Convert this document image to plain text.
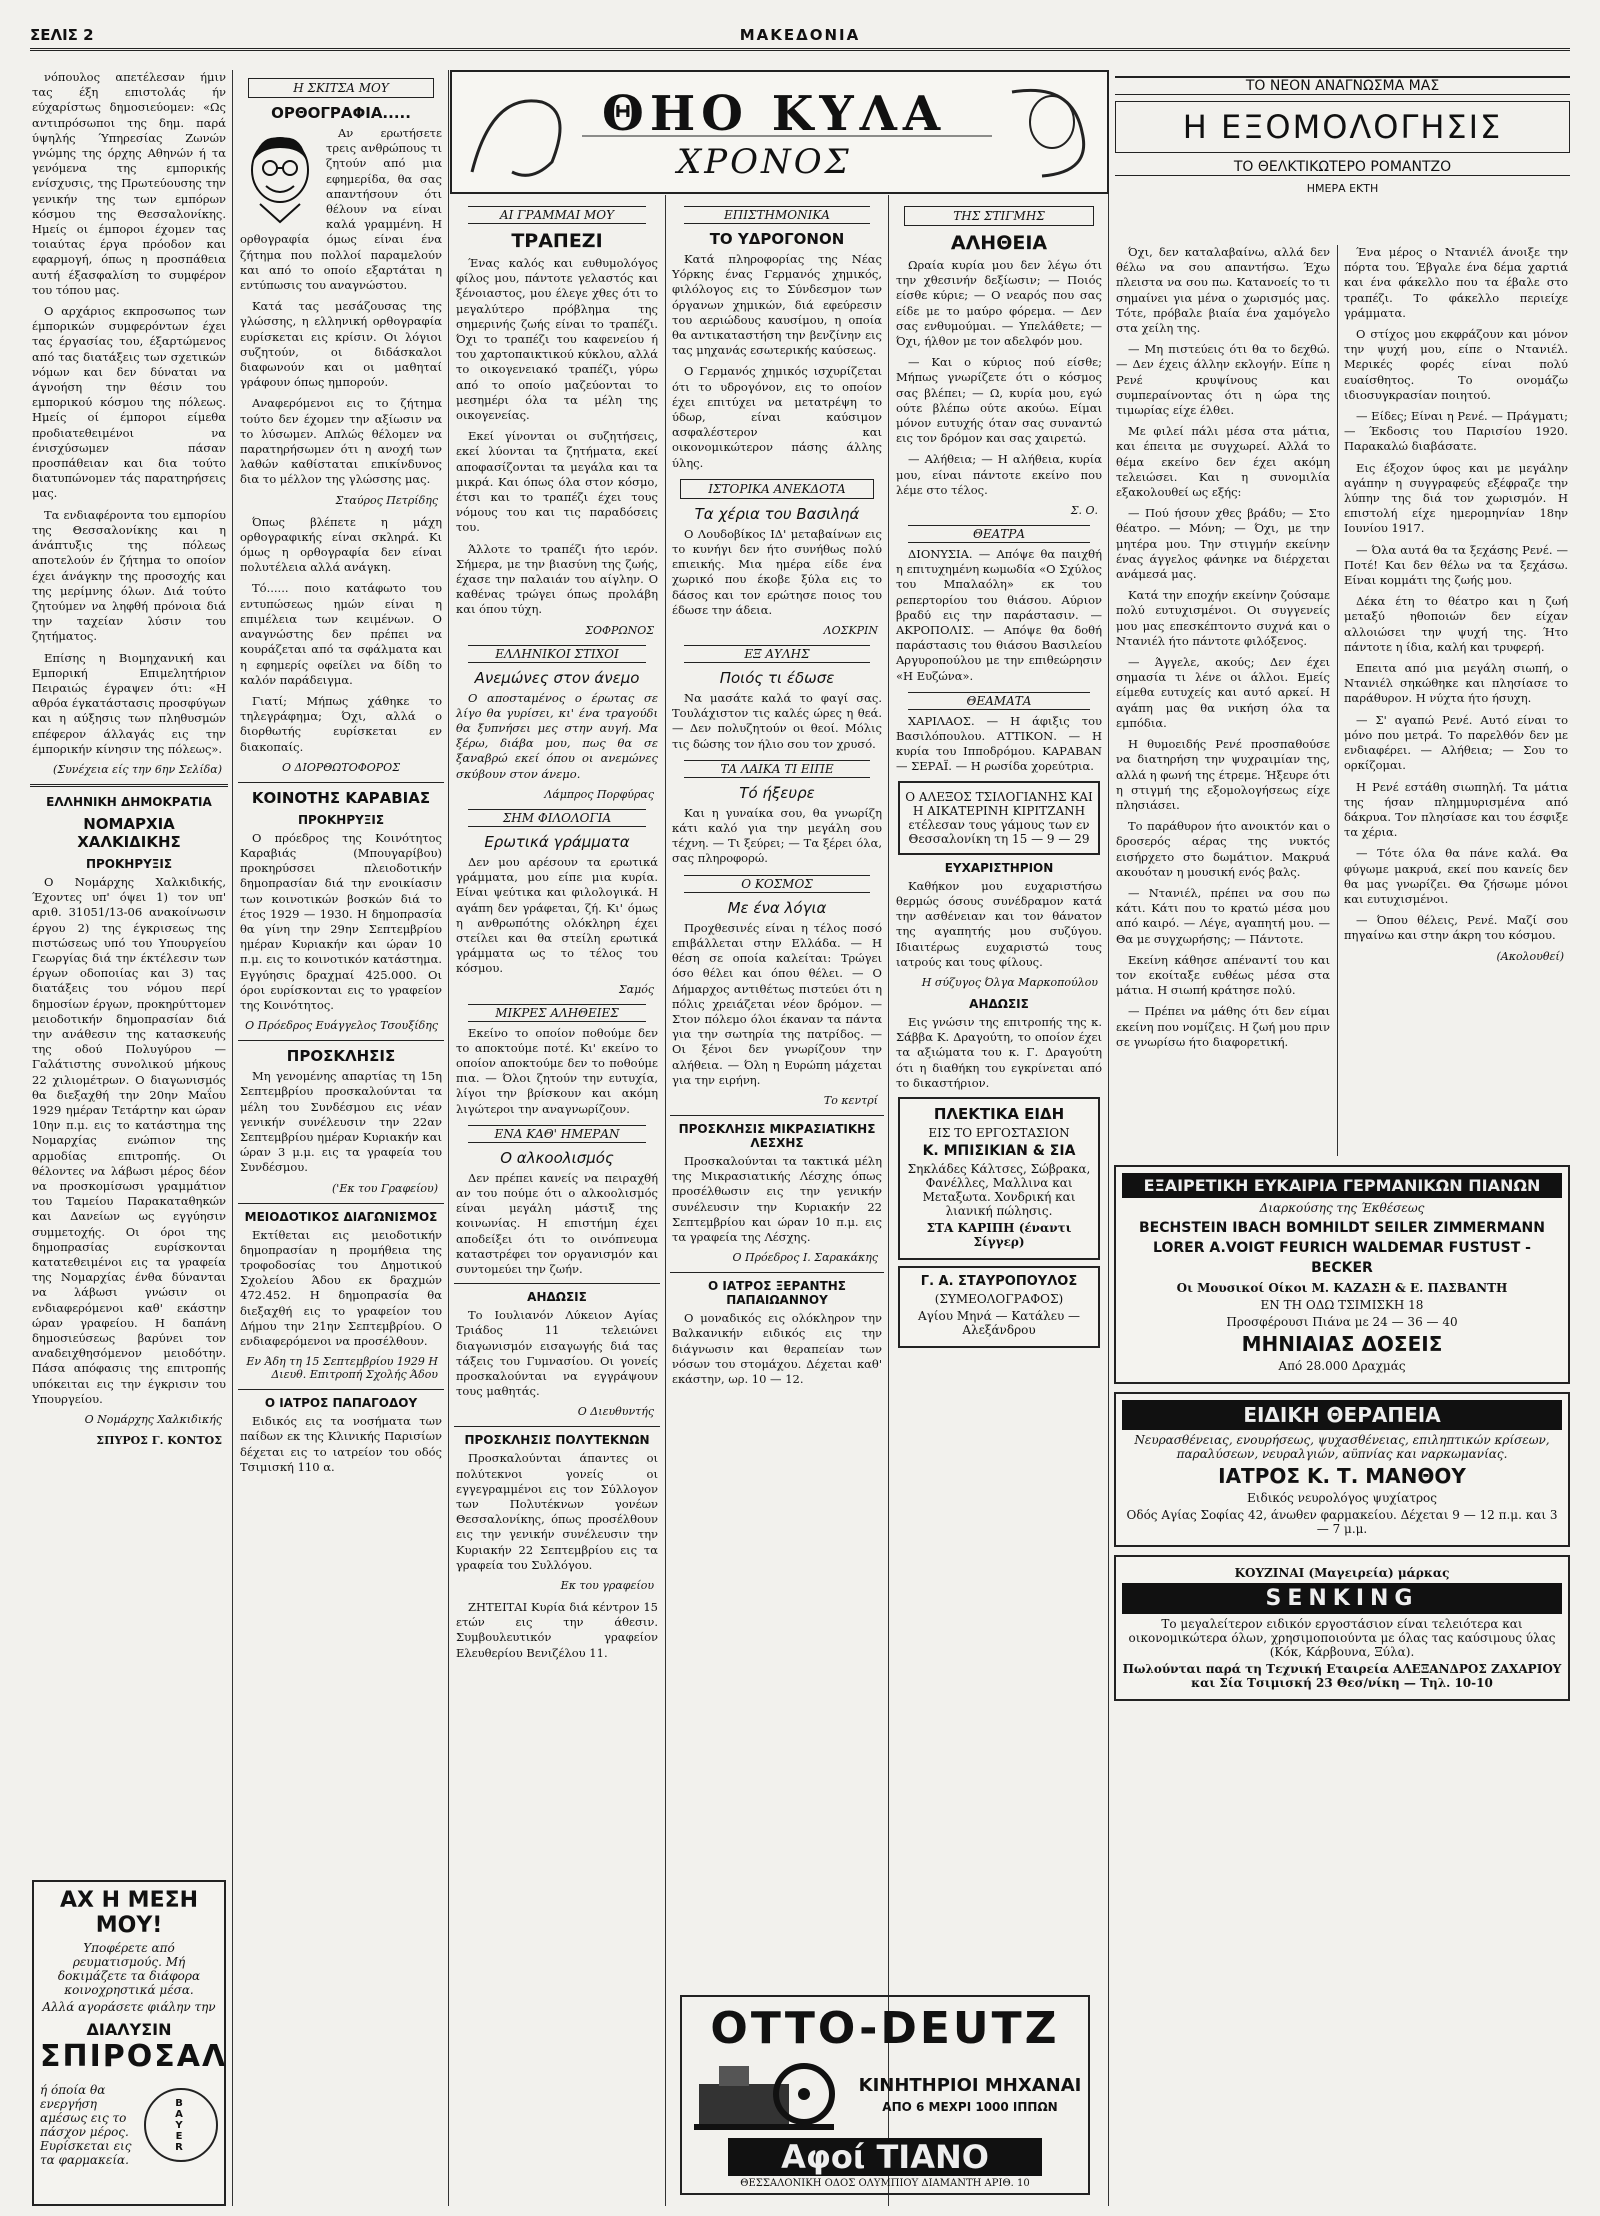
ΣΕΛΙΣ 2	ΜΑΚΕΔΟΝΙΑ

νόπουλος απετέλεσαν ήμιν τας έξη επιστολάς ήν εύχαρίστως δημοσιεύομεν: «Ως αντιπρόσωποι της δημ. παρά ύψηλής Ύπηρεσίας Ζωνών γνώμης της όρχης Αθηνών ή τα γενόμενα της εμπορικής ενίσχυσις, της Πρωτεύουσης την γενικήν της των εμπόρων κόσμου της Θεσσαλονίκης. Ημείς οι έμποροι έχομεν τας τοιαύτας έργα πρόοδον και εφαρμογή, όπως η προσπάθεια αυτή έξασφαλίση το συμφέρον του τόπου μας.

Ο αρχάριος εκπροσωπος των έμπορικών συμφερόντων έχει τας έργασίας του, έξαρτώμενος από τας διατάξεις των σχετικών νόμων και δεν δύναται να άγνοήση την θέσιν του εμπορικού κόσμου της πόλεως. Ημείς οί έμποροι είμεθα προδιατεθειμένοι να ένισχύσωμεν πάσαν προσπάθειαν και δια τούτο διατυπώνομεν τάς παρατηρήσεις μας.

Τα ενδιαφέροντα του εμπορίου της Θεσσαλονίκης και η άνάπτυξις της πόλεως αποτελούν έν ζήτημα το οποίον έχει άνάγκην της προσοχής και της μερίμνης όλων. Διά τούτο ζητούμεν να ληφθή πρόνοια διά την ταχείαν λύσιν του ζητήματος.

Επίσης η Βιομηχανική και Εμπορική Επιμελητήριον Πειραιώς έγραψεν ότι: «Η αθρόα έγκατάστασις προσφύγων και η αύξησις των πληθυσμών επέφερον άλλαγάς εις την έμπορικήν κίνησιν της πόλεως».

(Συνέχεια είς την 6ην Σελίδα)
ΕΛΛΗΝΙΚΗ ΔΗΜΟΚΡΑΤΙΑ
ΝΟΜΑΡΧΙΑ ΧΑΛΚΙΔΙΚΗΣ
ΠΡΟΚΗΡΥΞΙΣ

Ο Νομάρχης Χαλκιδικής, Έχοντες υπ' όψει 1) τον υπ' αριθ. 31051/13-06 ανακοίνωσιν έργου 2) της έγκρισεως της πιστώσεως υπό του Υπουργείου Γεωργίας διά την έκτέλεσιν των έργων οδοποιίας και 3) τας διατάξεις του νόμου περί δημοσίων έργων, προκηρύττομεν μειοδοτικήν δημοπρασίαν διά την ανάθεσιν της κατασκευής της οδού Πολυγύρου — Γαλάτιστης συνολικού μήκους 22 χιλιομέτρων. Ο διαγωνισμός θα διεξαχθή την 20ην Μαΐου 1929 ημέραν Τετάρτην και ώραν 10ην π.μ. εις το κατάστημα της Νομαρχίας ενώπιον της αρμοδίας επιτροπής. Οι θέλοντες να λάβωσι μέρος δέον να προσκομίσωσι γραμμάτιον του Ταμείου Παρακαταθηκών και Δανείων ως εγγύησιν συμμετοχής. Οι όροι της δημοπρασίας ευρίσκονται κατατεθειμένοι εις τα γραφεία της Νομαρχίας ένθα δύνανται να λάβωσι γνώσιν οι ενδιαφερόμενοι καθ' εκάστην ώραν γραφείου. Η δαπάνη δημοσιεύσεως βαρύνει τον αναδειχθησόμενον μειοδότην. Πάσα απόφασις της επιτροπής υπόκειται εις την έγκρισιν του Υπουργείου.

Ο Νομάρχης Χαλκιδικής
ΣΠΥΡΟΣ Γ. ΚΟΝΤΟΣ
ΑΧ Η ΜΕΣΗ ΜΟΥ!
Υποφέρετε από ρευματισμούς. Μή δοκιμάζετε τα διάφορα κοινοχρηστικά μέσα.
Αλλά αγοράσετε φιάλην την
ΔΙΑΛΥΣΙΝ
ΣΠΙΡΟΣΑΛ
ή όποία θα ενεργήση αμέσως εις το πάσχον μέρος. Ευρίσκεται εις τα φαρμακεία.
B
A
Y
E
R
Η ΣΚΙΤΣΑ ΜΟΥ
ΟΡΘΟΓΡΑΦΙΑ.....

Αν ερωτήσετε τρεις ανθρώπους τι ζητούν από μια εφημερίδα, θα σας απαντήσουν ότι θέλουν να είναι καλά γραμμένη. Η ορθογραφία όμως είναι ένα ζήτημα που πολλοί παραμελούν και από το οποίο εξαρτάται η εντύπωσις του αναγνώστου.

Κατά τας μεσάζουσας της γλώσσης, η ελληνική ορθογραφία ευρίσκεται εις κρίσιν. Οι λόγιοι συζητούν, οι διδάσκαλοι διαφωνούν και οι μαθηταί γράφουν όπως ημπορούν.

Αναφερόμενοι εις το ζήτημα τούτο δεν έχομεν την αξίωσιν να το λύσωμεν. Απλώς θέλομεν να παρατηρήσωμεν ότι η ανοχή των λαθών καθίσταται επικίνδυνος δια το μέλλον της γλώσσης μας.

Σταύρος Πετρίδης

Όπως βλέπετε η μάχη ορθογραφικής είναι σκληρά. Κι όμως η ορθογραφία δεν είναι πολυτέλεια αλλά ανάγκη.

Τό...... ποιο κατάφωτο του εντυπώσεως ημών είναι η επιμέλεια των κειμένων. Ο αναγνώστης δεν πρέπει να κουράζεται από τα σφάλματα και η εφημερίς οφείλει να δίδη το καλόν παράδειγμα.

Γιατί; Μήπως χάθηκε το τηλεγράφημα; Όχι, αλλά ο διορθωτής ευρίσκεται εν διακοπαίς.

Ο ΔΙΟΡΘΩΤΟΦΟΡΟΣ
ΚΟΙΝΟΤΗΣ ΚΑΡΑΒΙΑΣ
ΠΡΟΚΗΡΥΞΙΣ

Ο πρόεδρος της Κοινότητος Καραβιάς (Μπουγαρίβου) προκηρύσσει πλειοδοτικήν δημοπρασίαν διά την ενοικίασιν των κοινοτικών βοσκών διά το έτος 1929 — 1930. Η δημοπρασία θα γίνη την 29ην Σεπτεμβρίου ημέραν Κυριακήν και ώραν 10 π.μ. εις το κοινοτικόν κατάστημα. Εγγύησις δραχμαί 425.000. Οι όροι ευρίσκονται εις το γραφείον της Κοινότητος.

Ο Πρόεδρος Ευάγγελος Τσουξίδης
ΠΡΟΣΚΛΗΣΙΣ

Μη γενομένης απαρτίας τη 15η Σεπτεμβρίου προσκαλούνται τα μέλη του Συνδέσμου εις νέαν γενικήν συνέλευσιν την 22αν Σεπτεμβρίου ημέραν Κυριακήν και ώραν 3 μ.μ. εις τα γραφεία του Συνδέσμου.

('Εκ του Γραφείου)
ΜΕΙΟΔΟΤΙΚΟΣ ΔΙΑΓΩΝΙΣΜΟΣ

Εκτίθεται εις μειοδοτικήν δημοπρασίαν η προμήθεια της τροφοδοσίας του Δημοτικού Σχολείου Άδου εκ δραχμών 472.452. Η δημοπρασία θα διεξαχθή εις το γραφείον του Δήμου την 21ην Σεπτεμβρίου. Ο ενδιαφερόμενοι να προσέλθουν.

Εν Άδη τη 15 Σεπτεμβρίου 1929 Η Διευθ. Επιτροπή Σχολής Άδου
Ο ΙΑΤΡΟΣ ΠΑΠΑΓΟΔΟΥ

Ειδικός εις τα νοσήματα των παίδων εκ της Κλινικής Παρισίων δέχεται εις το ιατρείον του οδός Τσιμισκή 110 α.

ΘΗΟ ΚΥΛΑ
ΧΡΟΝΟΣ
ΑΙ ΓΡΑΜΜΑΙ ΜΟΥ
ΤΡΑΠΕΖΙ

Ένας καλός και ευθυμολόγος φίλος μου, πάντοτε γελαστός και ξένοιαστος, μου έλεγε χθες ότι το μεγαλύτερο πρόβλημα της σημερινής ζωής είναι το τραπέζι. Όχι το τραπέζι του καφενείου ή του χαρτοπαικτικού κύκλου, αλλά το οικογενειακό τραπέζι, γύρω από το οποίο μαζεύονται το μεσημέρι όλα τα μέλη της οικογενείας.

Εκεί γίνονται οι συζητήσεις, εκεί λύονται τα ζητήματα, εκεί αποφασίζονται τα μεγάλα και τα μικρά. Και όπως όλα στον κόσμο, έτσι και το τραπέζι έχει τους νόμους του και τις παραδόσεις του.

Άλλοτε το τραπέζι ήτο ιερόν. Σήμερα, με την βιασύνη της ζωής, έχασε την παλαιάν του αίγλην. Ο καθένας τρώγει όπως προλάβη και όπου τύχη.

ΣΟΦΡΩΝΟΣ
ΕΛΛΗΝΙΚΟΙ ΣΤΙΧΟΙ
Ανεμώνες στον άνεμο

Ο αποσταμένος ο έρωτας σε λίγο θα γυρίσει, κι' ένα τραγούδι θα ξυπνήσει μες στην αυγή. Μα ξέρω, διάβα μου, πως θα σε ξαναβρώ εκεί όπου οι ανεμώνες σκύβουν στον άνεμο.

Λάμπρος Πορφύρας
ΣΗΜ ΦΙΛΟΛΟΓΙΑ
Ερωτικά γράμματα

Δεν μου αρέσουν τα ερωτικά γράμματα, μου είπε μια κυρία. Είναι ψεύτικα και φιλολογικά. Η αγάπη δεν γράφεται, ζή. Κι' όμως η ανθρωπότης ολόκληρη έχει στείλει και θα στείλη ερωτικά γράμματα ως το τέλος του κόσμου.

Σαμός
ΜΙΚΡΕΣ ΑΛΗΘΕΙΕΣ

Εκείνο το οποίον ποθούμε δεν το αποκτούμε ποτέ. Κι' εκείνο το οποίον αποκτούμε δεν το ποθούμε πια. — Όλοι ζητούν την ευτυχία, λίγοι την βρίσκουν και ακόμη λιγώτεροι την αναγνωρίζουν.

ΕΝΑ ΚΑΘ' ΗΜΕΡΑΝ
Ο αλκοολισμός

Δεν πρέπει κανείς να πειραχθή αν του πούμε ότι ο αλκοολισμός είναι μεγάλη μάστιξ της κοινωνίας. Η επιστήμη έχει αποδείξει ότι το οινόπνευμα καταστρέφει τον οργανισμόν και συντομεύει την ζωήν.

ΑΗΔΩΣΙΣ

Το Ιουλιανόν Λύκειον Αγίας Τριάδος 11 τελειώνει διαγωνισμόν εισαγωγής διά τας τάξεις του Γυμνασίου. Οι γονείς προσκαλούνται να εγγράψουν τους μαθητάς.

Ο Διευθυντής
ΠΡΟΣΚΛΗΣΙΣ ΠΟΛΥΤΕΚΝΩΝ

Προσκαλούνται άπαντες οι πολύτεκνοι γονείς οι εγγεγραμμένοι εις τον Σύλλογον των Πολυτέκνων γονέων Θεσσαλονίκης, όπως προσέλθουν εις την γενικήν συνέλευσιν την Κυριακήν 22 Σεπτεμβρίου εις τα γραφεία του Συλλόγου.

Εκ του γραφείου

ΖΗΤΕΙΤΑΙ Κυρία διά κέντρον 15 ετών εις την άθεσιν. Συμβουλευτικόν γραφείον Ελευθερίου Βενιζέλου 11.

ΕΠΙΣΤΗΜΟΝΙΚΑ
ΤΟ ΥΔΡΟΓΟΝΟΝ

Κατά πληροφορίας της Νέας Υόρκης ένας Γερμανός χημικός, φιλόλογος εις το Σύνδεσμον των όργανων χημικών, διά εφεύρεσιν του αεριώδους καυσίμου, η οποία θα αντικαταστήση την βενζίνην εις τας μηχανάς εσωτερικής καύσεως.

Ο Γερμανός χημικός ισχυρίζεται ότι το υδρογόνον, εις το οποίον έχει επιτύχει να μετατρέψη το ύδωρ, είναι καύσιμον ασφαλέστερον και οικονομικώτερον πάσης άλλης ύλης.

ΙΣΤΟΡΙΚΑ ΑΝΕΚΔΟΤΑ
Τα χέρια του Βασιληά

Ο Λουδοβίκος ΙΔ' μεταβαίνων εις το κυνήγι δεν ήτο συνήθως πολύ επιεικής. Μια ημέρα είδε ένα χωρικό που έκοβε ξύλα εις το δάσος και τον ερώτησε ποιος του έδωσε την άδεια.

ΛΟΣΚΡΙΝ
ΕΞ ΑΥΛΗΣ
Ποιός τι έδωσε

Να μασάτε καλά το φαγί σας. Τουλάχιστον τις καλές ώρες η θεά. — Δεν πολυζητούν οι θεοί. Μόλις τις δώσης τον ήλιο σου τον χρυσό.

ΤΑ ΛΑΙΚΑ ΤΙ ΕΙΠΕ
Τό ήξευρε

Και η γυναίκα σου, θα γνωρίζη κάτι καλό για την μεγάλη σου τέχνη. — Τι ξεύρει; — Τα ξέρει όλα, σας πληροφορώ.

Ο ΚΟΣΜΟΣ
Με ένα λόγια

Προχθεσινές είναι η τέλος ποσό επιβάλλεται στην Ελλάδα. — Η θέση σε οποία καλείται: Τρώγει όσο θέλει και όπου θέλει. — Ο Δήμαρχος αντιθέτως πιστεύει ότι η πόλις χρειάζεται νέον δρόμον. — Στον πόλεμο όλοι έκαναν τα πάντα για την σωτηρία της πατρίδος. — Οι ξένοι δεν γνωρίζουν την αλήθεια. — Όλη η Ευρώπη μάχεται για την ειρήνη.

Το κεντρί
ΠΡΟΣΚΛΗΣΙΣ ΜΙΚΡΑΣΙΑΤΙΚΗΣ ΛΕΣΧΗΣ

Προσκαλούνται τα τακτικά μέλη της Μικρασιατικής Λέσχης όπως προσέλθωσιν εις την γενικήν συνέλευσιν την Κυριακήν 22 Σεπτεμβρίου και ώραν 10 π.μ. εις τα γραφεία της Λέσχης.

Ο Πρόεδρος Ι. Σαρακάκης
Ο ΙΑΤΡΟΣ ΞΕΡΑΝΤΗΣ ΠΑΠΑΙΩΑΝΝΟΥ

Ο μοναδικός εις ολόκληρον την Βαλκανικήν ειδικός εις την διάγνωσιν και θεραπείαν των νόσων του στομάχου. Δέχεται καθ' εκάστην, ωρ. 10 — 12.

OTTO-DEUTZ
ΚΙΝΗΤΗΡΙΟΙ ΜΗΧΑΝΑΙ
ΑΠΟ 6 ΜΕΧΡΙ 1000 ΙΠΠΩΝ
Αφοί ΤΙΑΝΟ
ΘΕΣΣΑΛΟΝΙΚΗ ΟΔΟΣ ΟΛΥΜΠΙΟΥ ΔΙΑΜΑΝΤΗ ΑΡΙΘ. 10
ΤΗΣ ΣΤΙΓΜΗΣ
ΑΛΗΘΕΙΑ

Ωραία κυρία μου δεν λέγω ότι την χθεσινήν δεξίωσιν; — Ποιός είσθε κύριε; — Ο νεαρός που σας είδε με το μαύρο φόρεμα. — Δεν σας ενθυμούμαι. — Υπελάθετε; — Όχι, ήλθον με τον αδελφόν μου.

— Και ο κύριος πού είσθε; Μήπως γνωρίζετε ότι ο κόσμος σας βλέπει; — Ω, κυρία μου, εγώ ούτε βλέπω ούτε ακούω. Είμαι μόνον ευτυχής όταν σας συναντώ εις τον δρόμον και σας χαιρετώ.

— Αλήθεια; — Η αλήθεια, κυρία μου, είναι πάντοτε εκείνο που λέμε στο τέλος.

Σ. Ο.
ΘΕΑΤΡΑ

ΔΙΟΝΥΣΙΑ. — Απόψε θα παιχθή η επιτυχημένη κωμωδία «Ο Σχύλος του Μπαλαόλη» εκ του ρεπερτορίου του θιάσου. Αύριον βραδύ εις την παράστασιν. — ΑΚΡΟΠΟΛΙΣ. — Απόψε θα δοθή παράστασις του θιάσου Βασιλείου Αργυροπούλου με την επιθεώρησιν «Η Ευζώνα».

ΘΕΑΜΑΤΑ

ΧΑΡΙΛΑΟΣ. — Η άφιξις του Βασιλόπουλου. ΑΤΤΙΚΟΝ. — Η κυρία του Ιπποδρόμου. ΚΑΡΑΒΑΝ — ΣΕΡΑΪ. — Η ρωσίδα χορεύτρια.

Ο ΑΛΕΞΟΣ ΤΣΙΛΟΓΙΑΝΗΣ ΚΑΙ Η ΑΙΚΑΤΕΡΙΝΗ ΚΙΡΙΤΖΑΝΗ ετέλεσαν τους γάμους των εν Θεσσαλονίκη τη 15 — 9 — 29
ΕΥΧΑΡΙΣΤΗΡΙΟΝ

Καθήκον μου ευχαριστήσω θερμώς όσους συνέδραμον κατά την ασθένειαν και τον θάνατον της αγαπητής μου συζύγου. Ιδιαιτέρως ευχαριστώ τους ιατρούς και τους φίλους.

Η σύζυγος Όλγα Μαρκοπούλου
ΑΗΔΩΣΙΣ

Εις γνώσιν της επιτροπής της κ. Σάββα Κ. Δραγούτη, το οποίον έχει τα αξιώματα του κ. Γ. Δραγούτη ότι η διαθήκη του εγκρίνεται από το δικαστήριον.

ΠΛΕΚΤΙΚΑ ΕΙΔΗ
ΕΙΣ ΤΟ ΕΡΓΟΣΤΑΣΙΟΝ
Κ. ΜΠΙΣΙΚΙΑΝ & ΣΙΑ
Σηκλάδες Κάλτσες, Σώβρακα, Φανέλλες, Μαλλινα και Μεταξωτα. Χονδρική και λιανική πώλησις.
ΣΤΑ ΚΑΡΙΠΗ (έναντι Σίγγερ)
Γ. Α. ΣΤΑΥΡΟΠΟΥΛΟΣ
(ΣΥΜΕΟΛΟΓΡΑΦΟΣ)
Αγίου Μηνά — Κατάλευ — Αλεξάνδρου
ΤΟ ΝΕΟΝ ΑΝΑΓΝΩΣΜΑ ΜΑΣ
Η ΕΞΟΜΟΛΟΓΗΣΙΣ
ΤΟ ΘΕΛΚΤΙΚΩΤΕΡΟ ΡΟΜΑΝΤΖΟ
ΗΜΕΡΑ ΕΚΤΗ

Όχι, δεν καταλαβαίνω, αλλά δεν θέλω να σου απαντήσω. Έχω πλειστα να σου πω. Κατανοείς το τι σημαίνει για μένα ο χωρισμός μας. Τότε, πρόβαλε βιαία ένα χαμόγελο στα χείλη της.

— Μη πιστεύεις ότι θα το δεχθώ. — Δεν έχεις άλλην εκλογήν. Είπε η Ρενέ κρυψίνους και συμπεραίνοντας ότι η ώρα της τιμωρίας είχε έλθει.

Με φιλεί πάλι μέσα στα μάτια, και έπειτα με συγχωρεί. Αλλά το θέμα εκείνο δεν έχει ακόμη τελειώσει. Και η συνομιλία εξακολουθεί ως εξής:

— Πού ήσουν χθες βράδυ; — Στο θέατρο. — Μόνη; — Όχι, με την μητέρα μου. Την στιγμήν εκείνην ένας άγγελος φάνηκε να διέρχεται ανάμεσά μας.

Κατά την εποχήν εκείνην ζούσαμε πολύ ευτυχισμένοι. Οι συγγενείς μου μας επεσκέπτοντο συχνά και ο Ντανιέλ ήτο πάντοτε φιλόξενος.

— Άγγελε, ακούς; Δεν έχει σημασία τι λένε οι άλλοι. Εμείς είμεθα ευτυχείς και αυτό αρκεί. Η αγάπη μας θα νικήση όλα τα εμπόδια.

Η θυμοειδής Ρενέ προσπαθούσε να διατηρήση την ψυχραιμίαν της, αλλά η φωνή της έτρεμε. Ήξευρε ότι η στιγμή της εξομολογήσεως είχε πλησιάσει.

Το παράθυρον ήτο ανοικτόν και ο δροσερός αέρας της νυκτός εισήρχετο στο δωμάτιον. Μακρυά ακουόταν η μουσική ενός βαλς.

— Ντανιέλ, πρέπει να σου πω κάτι. Κάτι που το κρατώ μέσα μου από καιρό. — Λέγε, αγαπητή μου. — Θα με συγχωρήσης; — Πάντοτε.

Εκείνη κάθησε απέναντί του και τον εκοίταξε ευθέως μέσα στα μάτια. Η σιωπή κράτησε πολύ.

— Πρέπει να μάθης ότι δεν είμαι εκείνη που νομίζεις. Η ζωή μου πριν σε γνωρίσω ήτο διαφορετική.

Ένα μέρος ο Ντανιέλ άνοιξε την πόρτα του. Έβγαλε ένα δέμα χαρτιά και ένα φάκελλο που τα έβαλε στο τραπέζι. Το φάκελλο περιείχε γράμματα.

Ο στίχος μου εκφράζουν και μόνον την ψυχή μου, είπε ο Ντανιέλ. Μερικές φορές είναι πολύ ευαίσθητος. Το ονομάζω ιδιοσυγκρασίαν ποιητού.

— Είδες; Είναι η Ρενέ. — Πράγματι; — Έκδοσις του Παρισίου 1920. Παρακαλώ διαβάσατε.

Εις έξοχον ύφος και με μεγάλην αγάπην η συγγραφεύς εξέφραζε την λύπην της διά τον χωρισμόν. Η επιστολή είχε ημερομηνίαν 18ην Ιουνίου 1917.

— Όλα αυτά θα τα ξεχάσης Ρενέ. — Ποτέ! Και δεν θέλω να τα ξεχάσω. Είναι κομμάτι της ζωής μου.

Δέκα έτη το θέατρο και η ζωή μεταξύ ηθοποιών δεν είχαν αλλοιώσει την ψυχή της. Ήτο πάντοτε η ίδια, καλή και τρυφερή.

Επειτα από μια μεγάλη σιωπή, ο Ντανιέλ σηκώθηκε και πλησίασε το παράθυρον. Η νύχτα ήτο ήσυχη.

— Σ' αγαπώ Ρενέ. Αυτό είναι το μόνο που μετρά. Το παρελθόν δεν με ενδιαφέρει. — Αλήθεια; — Σου το ορκίζομαι.

Η Ρενέ εστάθη σιωπηλή. Τα μάτια της ήσαν πλημμυρισμένα από δάκρυα. Τον πλησίασε και του έσφιξε τα χέρια.

— Τότε όλα θα πάνε καλά. Θα φύγωμε μακρυά, εκεί που κανείς δεν θα μας γνωρίζει. Θα ζήσωμε μόνοι και ευτυχισμένοι.

— Όπου θέλεις, Ρενέ. Μαζί σου πηγαίνω και στην άκρη του κόσμου.

(Ακολουθεί)
ΕΞΑΙΡΕΤΙΚΗ ΕΥΚΑΙΡΙΑ ΓΕΡΜΑΝΙΚΩΝ ΠΙΑΝΩΝ
Διαρκούσης της Έκθέσεως
BECHSTEIN IBACH BOMHILDT SEILER ZIMMERMANN LORER A.VOIGT FEURICH WALDEMAR FUSTUST - BECKER
Οι Μουσικοί Οίκοι Μ. ΚΑΖΑΣΗ & Ε. ΠΑΣΒΑΝΤΗ
ΕΝ ΤΗ ΟΔΩ ΤΣΙΜΙΣΚΗ 18
Προσφέρουσι Πιάνα με 24 — 36 — 40
ΜΗΝΙΑΙΑΣ ΔΟΣΕΙΣ
Από 28.000 Δραχμάς
ΕΙΔΙΚΗ ΘΕΡΑΠΕΙΑ
Νευρασθένειας, ενουρήσεως, ψυχασθένειας, επιληπτικών κρίσεων, παραλύσεων, νευραλγιών, αϋπνίας και ναρκωμανίας.
ΙΑΤΡΟΣ Κ. Τ. ΜΑΝΘΟΥ
Ειδικός νευρολόγος ψυχίατρος
Οδός Αγίας Σοφίας 42, άνωθεν φαρμακείου. Δέχεται 9 — 12 π.μ. και 3 — 7 μ.μ.
ΚΟΥΖΙΝΑΙ (Μαγειρεία) μάρκας
SENKING
Το μεγαλείτερον ειδικόν εργοστάσιον είναι τελειότερα και οικονομικώτερα όλων, χρησιμοποιούντα με όλας τας καύσιμους ύλας (Κόκ, Κάρβουνα, Ξύλα).
Πωλούνται παρά τη Τεχνική Εταιρεία ΑΛΕΞΑΝΔΡΟΣ ΖΑΧΑΡΙΟΥ και Σία Τσιμισκή 23 Θεσ/νίκη — Τηλ. 10-10
